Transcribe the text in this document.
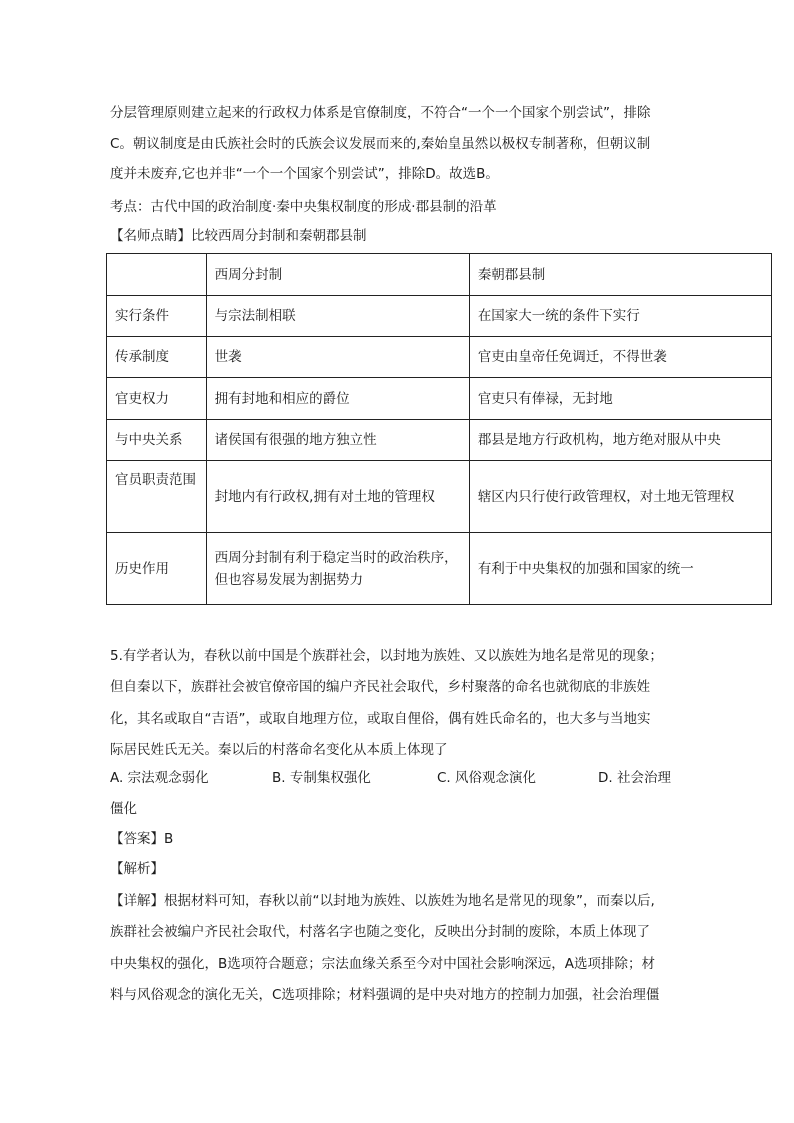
分层管理原则建立起来的行政权力体系是官僚制度，不符合“一个一个国家个别尝试”，排除
C。朝议制度是由氏族社会时的氏族会议发展而来的,秦始皇虽然以极权专制著称，但朝议制
度并未废弃,它也并非“一个一个国家个别尝试”，排除D。故选B。
考点：古代中国的政治制度·秦中央集权制度的形成·郡县制的沿革
【名师点睛】比较西周分封制和秦朝郡县制
	西周分封制	秦朝郡县制
实行条件	与宗法制相联	在国家大一统的条件下实行
传承制度	世袭	官吏由皇帝任免调迁，不得世袭
官吏权力	拥有封地和相应的爵位	官吏只有俸禄，无封地
与中央关系	诸侯国有很强的地方独立性	郡县是地方行政机构，地方绝对服从中央
官员职责范围	封地内有行政权,拥有对土地的管理权	辖区内只行使行政管理权，对土地无管理权
历史作用	西周分封制有利于稳定当时的政治秩序，但也容易发展为割据势力	有利于中央集权的加强和国家的统一
5.有学者认为，春秋以前中国是个族群社会，以封地为族姓、又以族姓为地名是常见的现象；
但自秦以下，族群社会被官僚帝国的编户齐民社会取代，乡村聚落的命名也就彻底的非族姓
化，其名或取自“吉语”，或取自地理方位，或取自俚俗，偶有姓氏命名的，也大多与当地实
际居民姓氏无关。秦以后的村落命名变化从本质上体现了
A. 宗法观念弱化	B. 专制集权强化	C. 风俗观念演化	D. 社会治理
僵化
【答案】B
【解析】
【详解】根据材料可知，春秋以前“以封地为族姓、以族姓为地名是常见的现象”，而秦以后,
族群社会被编户齐民社会取代，村落名字也随之变化，反映出分封制的废除，本质上体现了
中央集权的强化，B选项符合题意；宗法血缘关系至今对中国社会影响深远，A选项排除；材
料与风俗观念的演化无关，C选项排除；材料强调的是中央对地方的控制力加强，社会治理僵
